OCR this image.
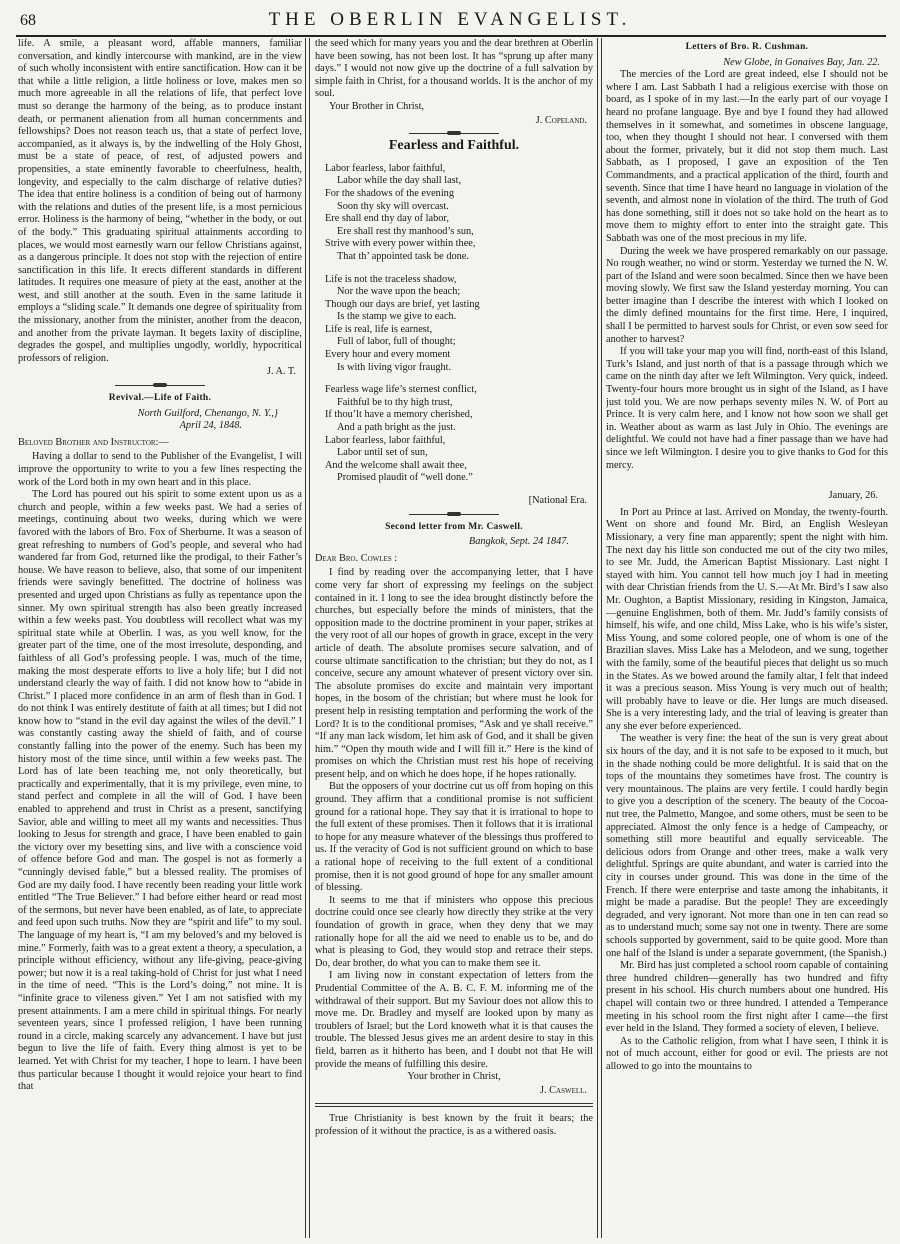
68	THE OBERLIN EVANGELIST.

life. A smile, a pleasant word, affable manners, familiar conversation, and kindly intercourse with mankind, are in the view of such wholly inconsistent with entire sanctification. How can it be that while a little religion, a little holiness or love, makes men so much more agreeable in all the relations of life, that perfect love must so derange the harmony of the being, as to produce instant death, or permanent alienation from all human concernments and fellowships? Does not reason teach us, that a state of perfect love, accompanied, as it always is, by the indwelling of the Holy Ghost, must be a state of peace, of rest, of adjusted powers and propensities, a state eminently favorable to cheerfulness, health, longevity, and especially to the calm discharge of relative duties? The idea that entire holiness is a condition of being out of harmony with the relations and duties of the present life, is a most pernicious error. Holiness is the harmony of being, “whether in the body, or out of the body.” This graduating spiritual attainments according to places, we would most earnestly warn our fellow Christians against, as a dangerous principle. It does not stop with the rejection of entire sanctification in this life. It erects different standards in different latitudes. It requires one measure of piety at the east, another at the west, and still another at the south. Even in the same latitude it employs a “sliding scale.” It demands one degree of spirituality from the missionary, another from the minister, another from the deacon, and another from the private layman. It begets laxity of discipline, degrades the gospel, and multiplies ungodly, worldly, hypocritical professors of religion.

J. A. T.
Revival.—Life of Faith.
North Guilford, Chenango, N. Y.,}
April 24, 1848.

Beloved Brother and Instructor:—

Having a dollar to send to the Publisher of the Evangelist, I will improve the opportunity to write to you a few lines respecting the work of the Lord both in my own heart and in this place.

The Lord has poured out his spirit to some extent upon us as a church and people, within a few weeks past. We had a series of meetings, continuing about two weeks, during which we were favored with the labors of Bro. Fox of Sherburne. It was a season of great refreshing to numbers of God’s people, and several who had wandered far from God, returned like the prodigal, to their Father’s house. We have reason to believe, also, that some of our impenitent friends were savingly benefitted. The doctrine of holiness was presented and urged upon Christians as fully as repentance upon the sinner. My own spiritual strength has also been greatly increased within a few weeks past. You doubtless will recollect what was my spiritual state while at Oberlin. I was, as you well know, for the greater part of the time, one of the most irresolute, desponding, and faithless of all God’s professing people. I was, much of the time, making the most desperate efforts to live a holy life; but I did not understand clearly the way of faith. I did not know how to “abide in Christ.” I placed more confidence in an arm of flesh than in God. I do not think I was entirely destitute of faith at all times; but I did not know how to “stand in the evil day against the wiles of the devil.” I was constantly casting away the shield of faith, and of course constantly falling into the power of the enemy. Such has been my history most of the time since, until within a few weeks past. The Lord has of late been teaching me, not only theoretically, but practically and experimentally, that it is my privilege, even mine, to stand perfect and complete in all the will of God. I have been enabled to apprehend and trust in Christ as a present, sanctifying Savior, able and willing to meet all my wants and necessities. Thus looking to Jesus for strength and grace, I have been enabled to gain the victory over my besetting sins, and live with a conscience void of offence before God and man. The gospel is not as formerly a “cunningly devised fable,” but a blessed reality. The promises of God are my daily food. I have recently been reading your little work entitled “The True Believer.” I had before either heard or read most of the sermons, but never have been enabled, as of late, to appreciate and feed upon such truths. Now they are “spirit and life” to my soul. The language of my heart is, “I am my beloved’s and my beloved is mine.” Formerly, faith was to a great extent a theory, a speculation, a principle without efficiency, without any life-giving, peace-giving power; but now it is a real taking-hold of Christ for just what I need in the time of need. “This is the Lord’s doing,” not mine. It is “infinite grace to vileness given.” Yet I am not satisfied with my present attainments. I am a mere child in spiritual things. For nearly seventeen years, since I professed religion, I have been running round in a circle, making scarcely any advancement. I have but just begun to live the life of faith. Every thing almost is yet to be learned. Yet with Christ for my teacher, I hope to learn. I have been thus particular because I thought it would rejoice your heart to find that

the seed which for many years you and the dear brethren at Oberlin have been sowing, has not been lost. It has “sprung up after many days.” I would not now give up the doctrine of a full salvation by simple faith in Christ, for a thousand worlds. It is the anchor of my soul.

Your Brother in Christ,

J. Copeland.
Fearless and Faithful.
Labor fearless, labor faithful,
Labor while the day shall last,
For the shadows of the evening
Soon thy sky will overcast.
Ere shall end thy day of labor,
Ere shall rest thy manhood’s sun,
Strive with every power within thee,
That th’ appointed task be done.
Life is not the traceless shadow,
Nor the wave upon the beach;
Though our days are brief, yet lasting
Is the stamp we give to each.
Life is real, life is earnest,
Full of labor, full of thought;
Every hour and every moment
Is with living vigor fraught.
Fearless wage life’s sternest conflict,
Faithful be to thy high trust,
If thou’lt have a memory cherished,
And a path bright as the just.
Labor fearless, labor faithful,
Labor until set of sun,
And the welcome shall await thee,
Promised plaudit of “well done.”
[National Era.
Second letter from Mr. Caswell.
Bangkok, Sept. 24 1847.

Dear Bro. Cowles :

I find by reading over the accompanying letter, that I have come very far short of expressing my feelings on the subject contained in it. I long to see the idea brought distinctly before the churches, but especially before the minds of ministers, that the opposition made to the doctrine prominent in your paper, strikes at the very root of all our hopes of growth in grace, except in the very article of death. The absolute promises secure salvation, and of course ultimate sanctification to the christian; but they do not, as I conceive, secure any amount whatever of present victory over sin. The absolute promises do excite and maintain very important hopes, in the bosom of the christian; but where must he look for present help in resisting temptation and performing the work of the Lord? It is to the conditional promises, “Ask and ye shall receive.” “If any man lack wisdom, let him ask of God, and it shall be given him.” “Open thy mouth wide and I will fill it.” Here is the kind of promises on which the Christian must rest his hope of receiving present help, and on which he does hope, if he hopes rationally.

But the opposers of your doctrine cut us off from hoping on this ground. They affirm that a conditional promise is not sufficient ground for a rational hope. They say that it is irrational to hope to the full extent of these promises. Then it follows that it is irrational to hope for any measure whatever of the blessings thus proffered to us. If the veracity of God is not sufficient ground on which to base a rational hope of receiving to the full extent of a conditional promise, then it is not good ground of hope for any smaller amount of blessing.

It seems to me that if ministers who oppose this precious doctrine could once see clearly how directly they strike at the very foundation of growth in grace, when they deny that we may rationally hope for all the aid we need to enable us to be, and do what is pleasing to God, they would stop and retrace their steps. Do, dear brother, do what you can to make them see it.

I am living now in constant expectation of letters from the Prudential Committee of the A. B. C. F. M. informing me of the withdrawal of their support. But my Saviour does not allow this to move me. Dr. Bradley and myself are looked upon by many as troublers of Israel; but the Lord knoweth what it is that causes the trouble. The blessed Jesus gives me an ardent desire to stay in this field, barren as it hitherto has been, and I doubt not that He will provide the means of fulfilling this desire.

Your brother in Christ,
J. Caswell.

True Christianity is best known by the fruit it bears; the profession of it without the practice, is as a withered oasis.

Letters of Bro. R. Cushman.
New Globe, in Gonaives Bay, Jan. 22.

The mercies of the Lord are great indeed, else I should not be where I am. Last Sabbath I had a religious exercise with those on board, as I spoke of in my last.—In the early part of our voyage I heard no profane language. Bye and bye I found they had allowed themselves in it somewhat, and sometimes in obscene language, too, when they thought I should not hear. I conversed with them about the former, privately, but it did not stop them much. Last Sabbath, as I proposed, I gave an exposition of the Ten Commandments, and a practical application of the third, fourth and seventh. Since that time I have heard no language in violation of the seventh, and almost none in violation of the third. The truth of God has done something, still it does not so take hold on the heart as to move them to mighty effort to enter into the straight gate. This Sabbath was one of the most precious in my life.

During the week we have prospered remarkably on our passage. No rough weather, no wind or storm. Yesterday we turned the N. W. part of the Island and were soon becalmed. Since then we have been moving slowly. We first saw the Island yesterday morning. You can better imagine than I describe the interest with which I looked on the dimly defined mountains for the first time. Here, I inquired, shall I be permitted to harvest souls for Christ, or even sow seed for another to harvest?

If you will take your map you will find, north-east of this Island, Turk’s Island, and just north of that is a passage through which we came on the ninth day after we left Wilmington. Very quick, indeed. Twenty-four hours more brought us in sight of the Island, as I have just told you. We are now perhaps seventy miles N. W. of Port au Prince. It is very calm here, and I know not how soon we shall get in. Weather about as warm as last July in Ohio. The evenings are delightful. We could not have had a finer passage than we have had since we left Wilmington. I desire you to give thanks to God for this mercy.

January, 26.

In Port au Prince at last. Arrived on Monday, the twenty-fourth. Went on shore and found Mr. Bird, an English Wesleyan Missionary, a very fine man apparently; spent the night with him. The next day his little son conducted me out of the city two miles, to see Mr. Judd, the American Baptist Missionary. Last night I stayed with him. You cannot tell how much joy I had in meeting with dear Christian friends from the U. S.—At Mr. Bird’s I saw also Mr. Oughton, a Baptist Missionary, residing in Kingston, Jamaica,—genuine Englishmen, both of them. Mr. Judd’s family consists of himself, his wife, and one child, Miss Lake, who is his wife’s sister, Miss Young, and some colored people, one of whom is one of the Brazilian slaves. Miss Lake has a Melodeon, and we sung, together with the family, some of the beautiful pieces that delight us so much in the States. As we bowed around the family altar, I felt that indeed it was a precious season. Miss Young is very much out of health; will probably have to leave or die. Her lungs are much diseased. She is a very interesting lady, and the trial of leaving is greater than any she ever before experienced.

The weather is very fine: the heat of the sun is very great about six hours of the day, and it is not safe to be exposed to it much, but in the shade nothing could be more delightful. It is said that on the tops of the mountains they sometimes have frost. The country is very mountainous. The plains are very fertile. I could hardly begin to give you a description of the scenery. The beauty of the Cocoa-nut tree, the Palmetto, Mangoe, and some others, must be seen to be appreciated. Almost the only fence is a hedge of Campeachy, or something still more beautiful and equally serviceable. The delicious odors from Orange and other trees, make a walk very delightful. Springs are quite abundant, and water is carried into the city in courses under ground. This was done in the time of the French. If there were enterprise and taste among the inhabitants, it might be made a paradise. But the people! They are exceedingly degraded, and very ignorant. Not more than one in ten can read so as to understand much; some say not one in twenty. There are some schools supported by government, said to be quite good. More than one half of the Island is under a separate government, (the Spanish.)

Mr. Bird has just completed a school room capable of containing three hundred children—generally has two hundred and fifty present in his school. His church numbers about one hundred. His chapel will contain two or three hundred. I attended a Temperance meeting in his school room the first night after I came—the first ever held in the Island. They formed a society of eleven, I believe.

As to the Catholic religion, from what I have seen, I think it is not of much account, either for good or evil. The priests are not allowed to go into the mountains to
